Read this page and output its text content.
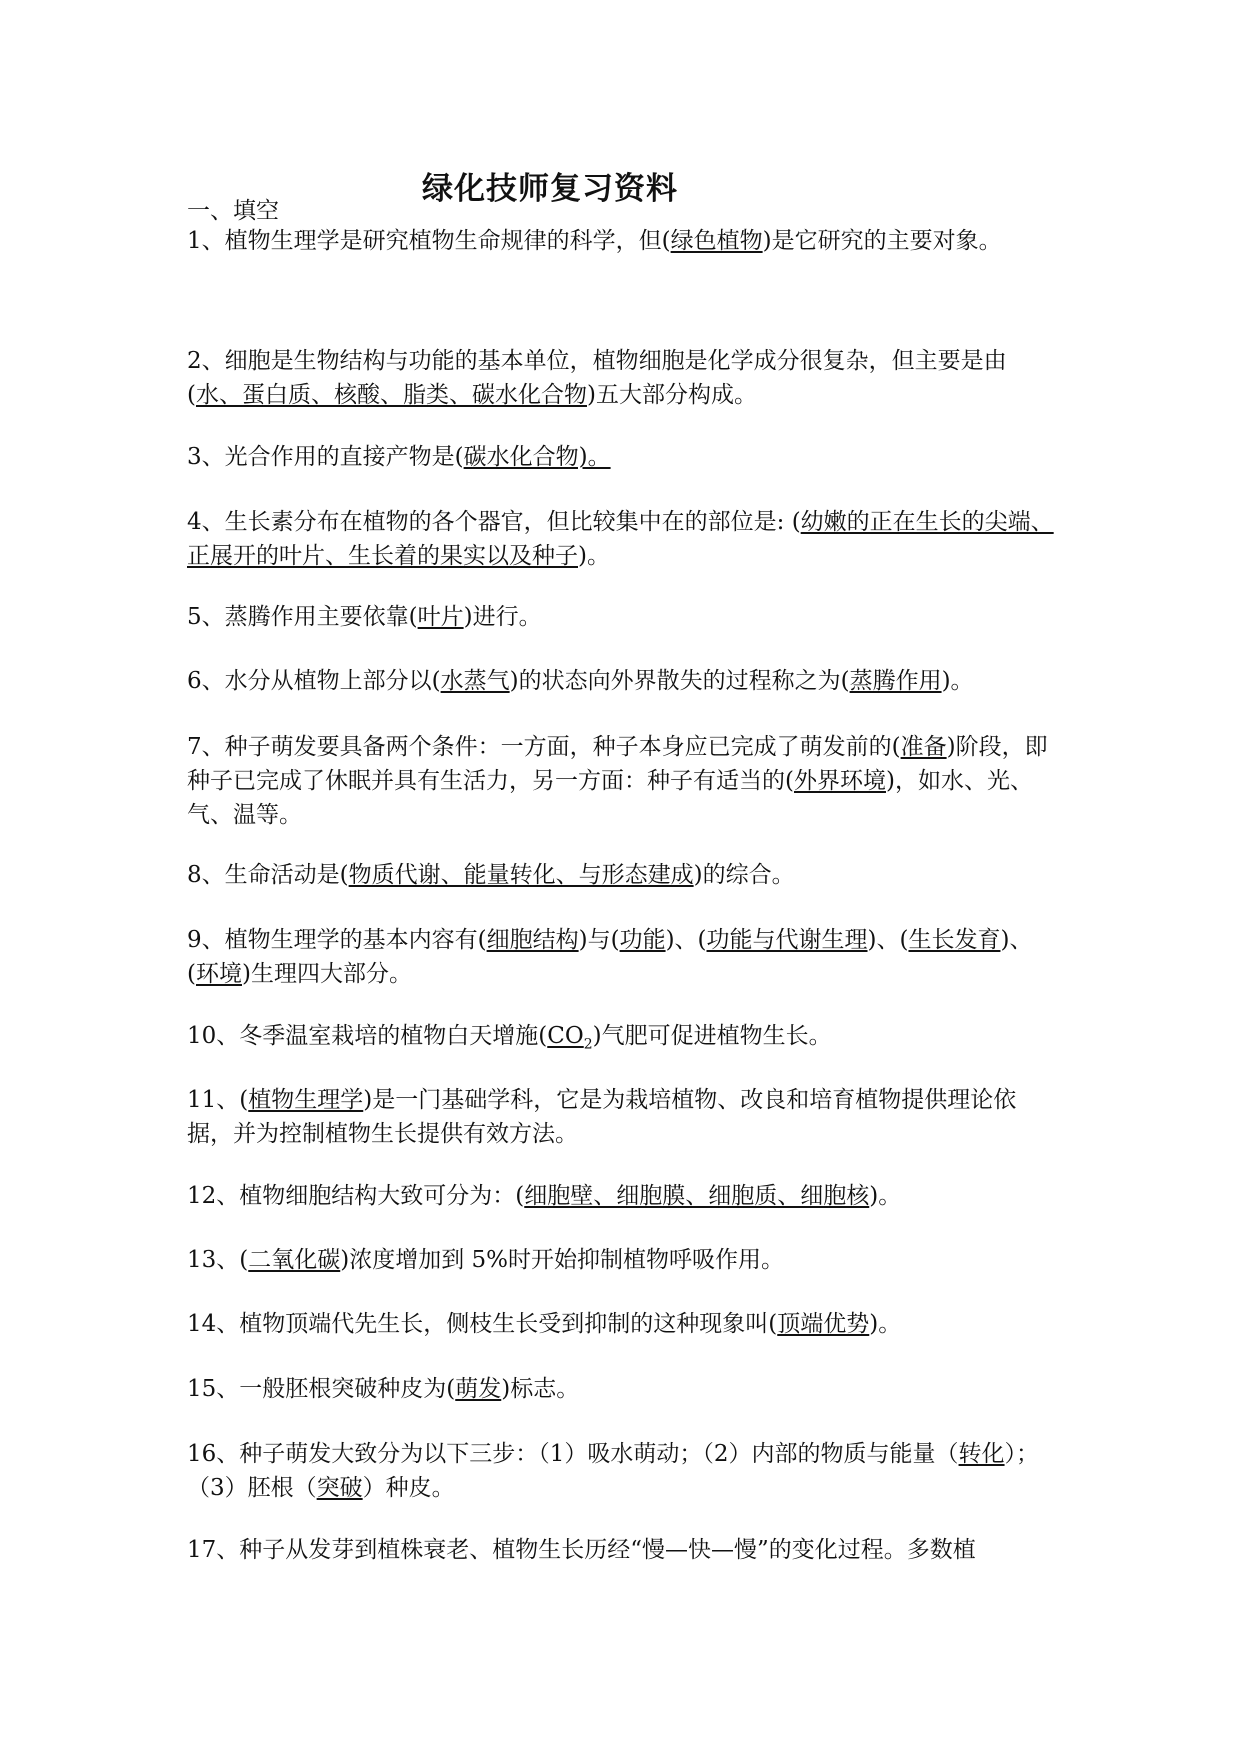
绿化技师复习资料
一、填空
1、植物生理学是研究植物生命规律的科学，但(绿色植物)是它研究的主要对象。
2、细胞是生物结构与功能的基本单位，植物细胞是化学成分很复杂，但主要是由(水、蛋白质、核酸、脂类、碳水化合物)五大部分构成。
3、光合作用的直接产物是(碳水化合物)。
4、生长素分布在植物的各个器官，但比较集中在的部位是: (幼嫩的正在生长的尖端、正展开的叶片、生长着的果实以及种子)。
5、蒸腾作用主要依靠(叶片)进行。
6、水分从植物上部分以(水蒸气)的状态向外界散失的过程称之为(蒸腾作用)。
7、种子萌发要具备两个条件：一方面，种子本身应已完成了萌发前的(准备)阶段，即种子已完成了休眠并具有生活力，另一方面：种子有适当的(外界环境)，如水、光、气、温等。
8、生命活动是(物质代谢、能量转化、与形态建成)的综合。
9、植物生理学的基本内容有(细胞结构)与(功能)、(功能与代谢生理)、(生长发育)、(环境)生理四大部分。
10、冬季温室栽培的植物白天增施$(CO_2)$气肥可促进植物生长。
11、(植物生理学)是一门基础学科，它是为栽培植物、改良和培育植物提供理论依据，并为控制植物生长提供有效方法。
12、植物细胞结构大致可分为：(细胞壁、细胞膜、细胞质、细胞核)。
13、(二氧化碳)浓度增加到 5%时开始抑制植物呼吸作用。
14、植物顶端代先生长，侧枝生长受到抑制的这种现象叫(顶端优势)。
15、一般胚根突破种皮为(萌发)标志。
16、种子萌发大致分为以下三步：（1）吸水萌动；（2）内部的物质与能量（转化）；（3）胚根（突破）种皮。
17、种子从发芽到植株衰老、植物生长历经“慢—快—慢”的变化过程。多数植
